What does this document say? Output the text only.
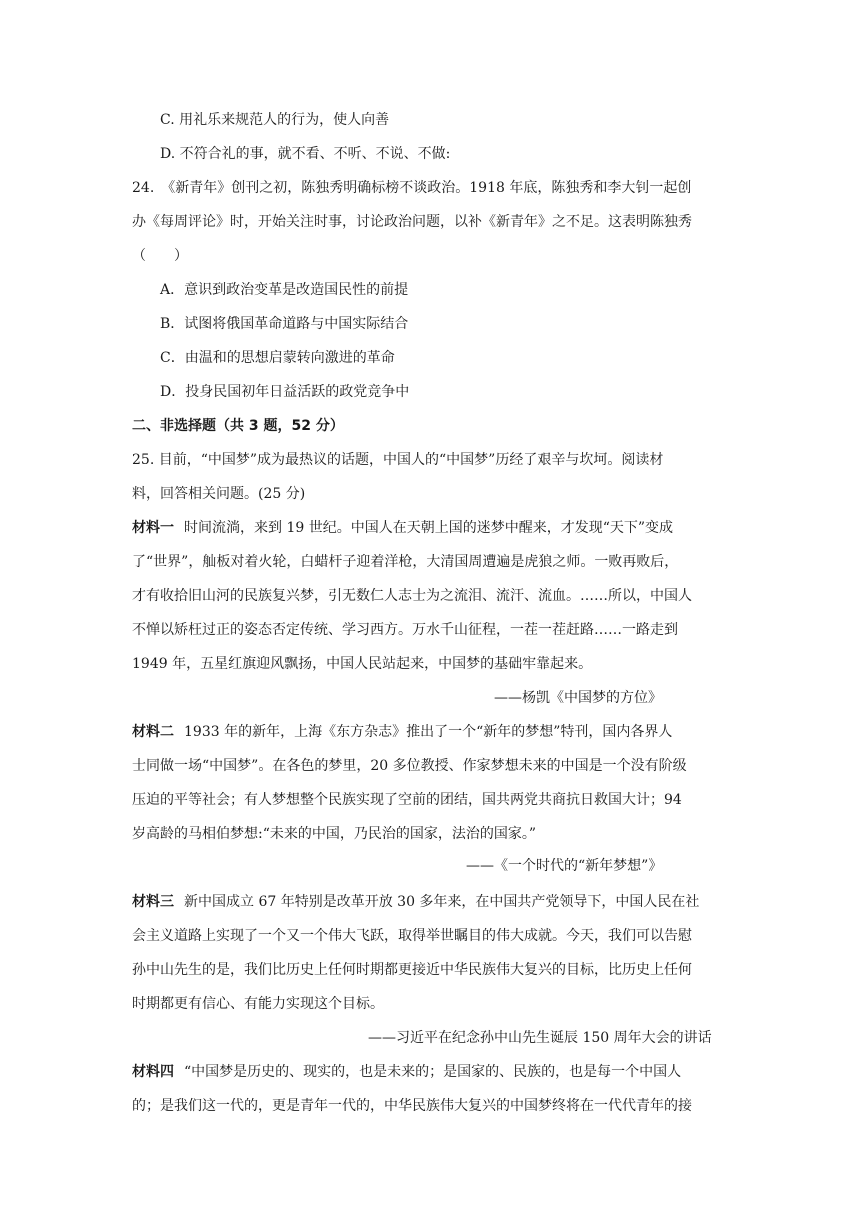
C. 用礼乐来规范人的行为，使人向善
D. 不符合礼的事，就不看、不听、不说、不做:
24.　《新青年》创刊之初，陈独秀明确标榜不谈政治。1918 年底，陈独秀和李大钊一起创
办《每周评论》时，开始关注时事，讨论政治问题，以补《新青年》之不足。这表明陈独秀
（　　）
A．意识到政治变革是改造国民性的前提
B．试图将俄国革命道路与中国实际结合
C．由温和的思想启蒙转向激进的革命
D．投身民国初年日益活跃的政党竞争中
二、非选择题（共 3 题，52 分）
25. 目前，“中国梦”成为最热议的话题，中国人的“中国梦”历经了艰辛与坎坷。阅读材
料，回答相关问题。(25 分)
材料一 时间流淌，来到 19 世纪。中国人在天朝上国的迷梦中醒来，才发现“天下”变成
了“世界”，舢板对着火轮，白蜡杆子迎着洋枪，大清国周遭遍是虎狼之师。一败再败后，
才有收拾旧山河的民族复兴梦，引无数仁人志士为之流泪、流汗、流血。……所以，中国人
不惮以矫枉过正的姿态否定传统、学习西方。万水千山征程，一茬一茬赶路……一路走到
1949 年，五星红旗迎风飘扬，中国人民站起来，中国梦的基础牢靠起来。
——杨凯《中国梦的方位》
材料二 1933 年的新年，上海《东方杂志》推出了一个“新年的梦想”特刊，国内各界人
士同做一场“中国梦”。在各色的梦里，20 多位教授、作家梦想未来的中国是一个没有阶级
压迫的平等社会；有人梦想整个民族实现了空前的团结，国共两党共商抗日救国大计；94
岁高龄的马相伯梦想:“未来的中国，乃民治的国家，法治的国家。”
——《一个时代的“新年梦想”》
材料三 新中国成立 67 年特别是改革开放 30 多年来，在中国共产党领导下，中国人民在社
会主义道路上实现了一个又一个伟大飞跃，取得举世瞩目的伟大成就。今天，我们可以告慰
孙中山先生的是，我们比历史上任何时期都更接近中华民族伟大复兴的目标，比历史上任何
时期都更有信心、有能力实现这个目标。
——习近平在纪念孙中山先生诞辰 150 周年大会的讲话
材料四 “中国梦是历史的、现实的，也是未来的；是国家的、民族的，也是每一个中国人
的；是我们这一代的，更是青年一代的，中华民族伟大复兴的中国梦终将在一代代青年的接
